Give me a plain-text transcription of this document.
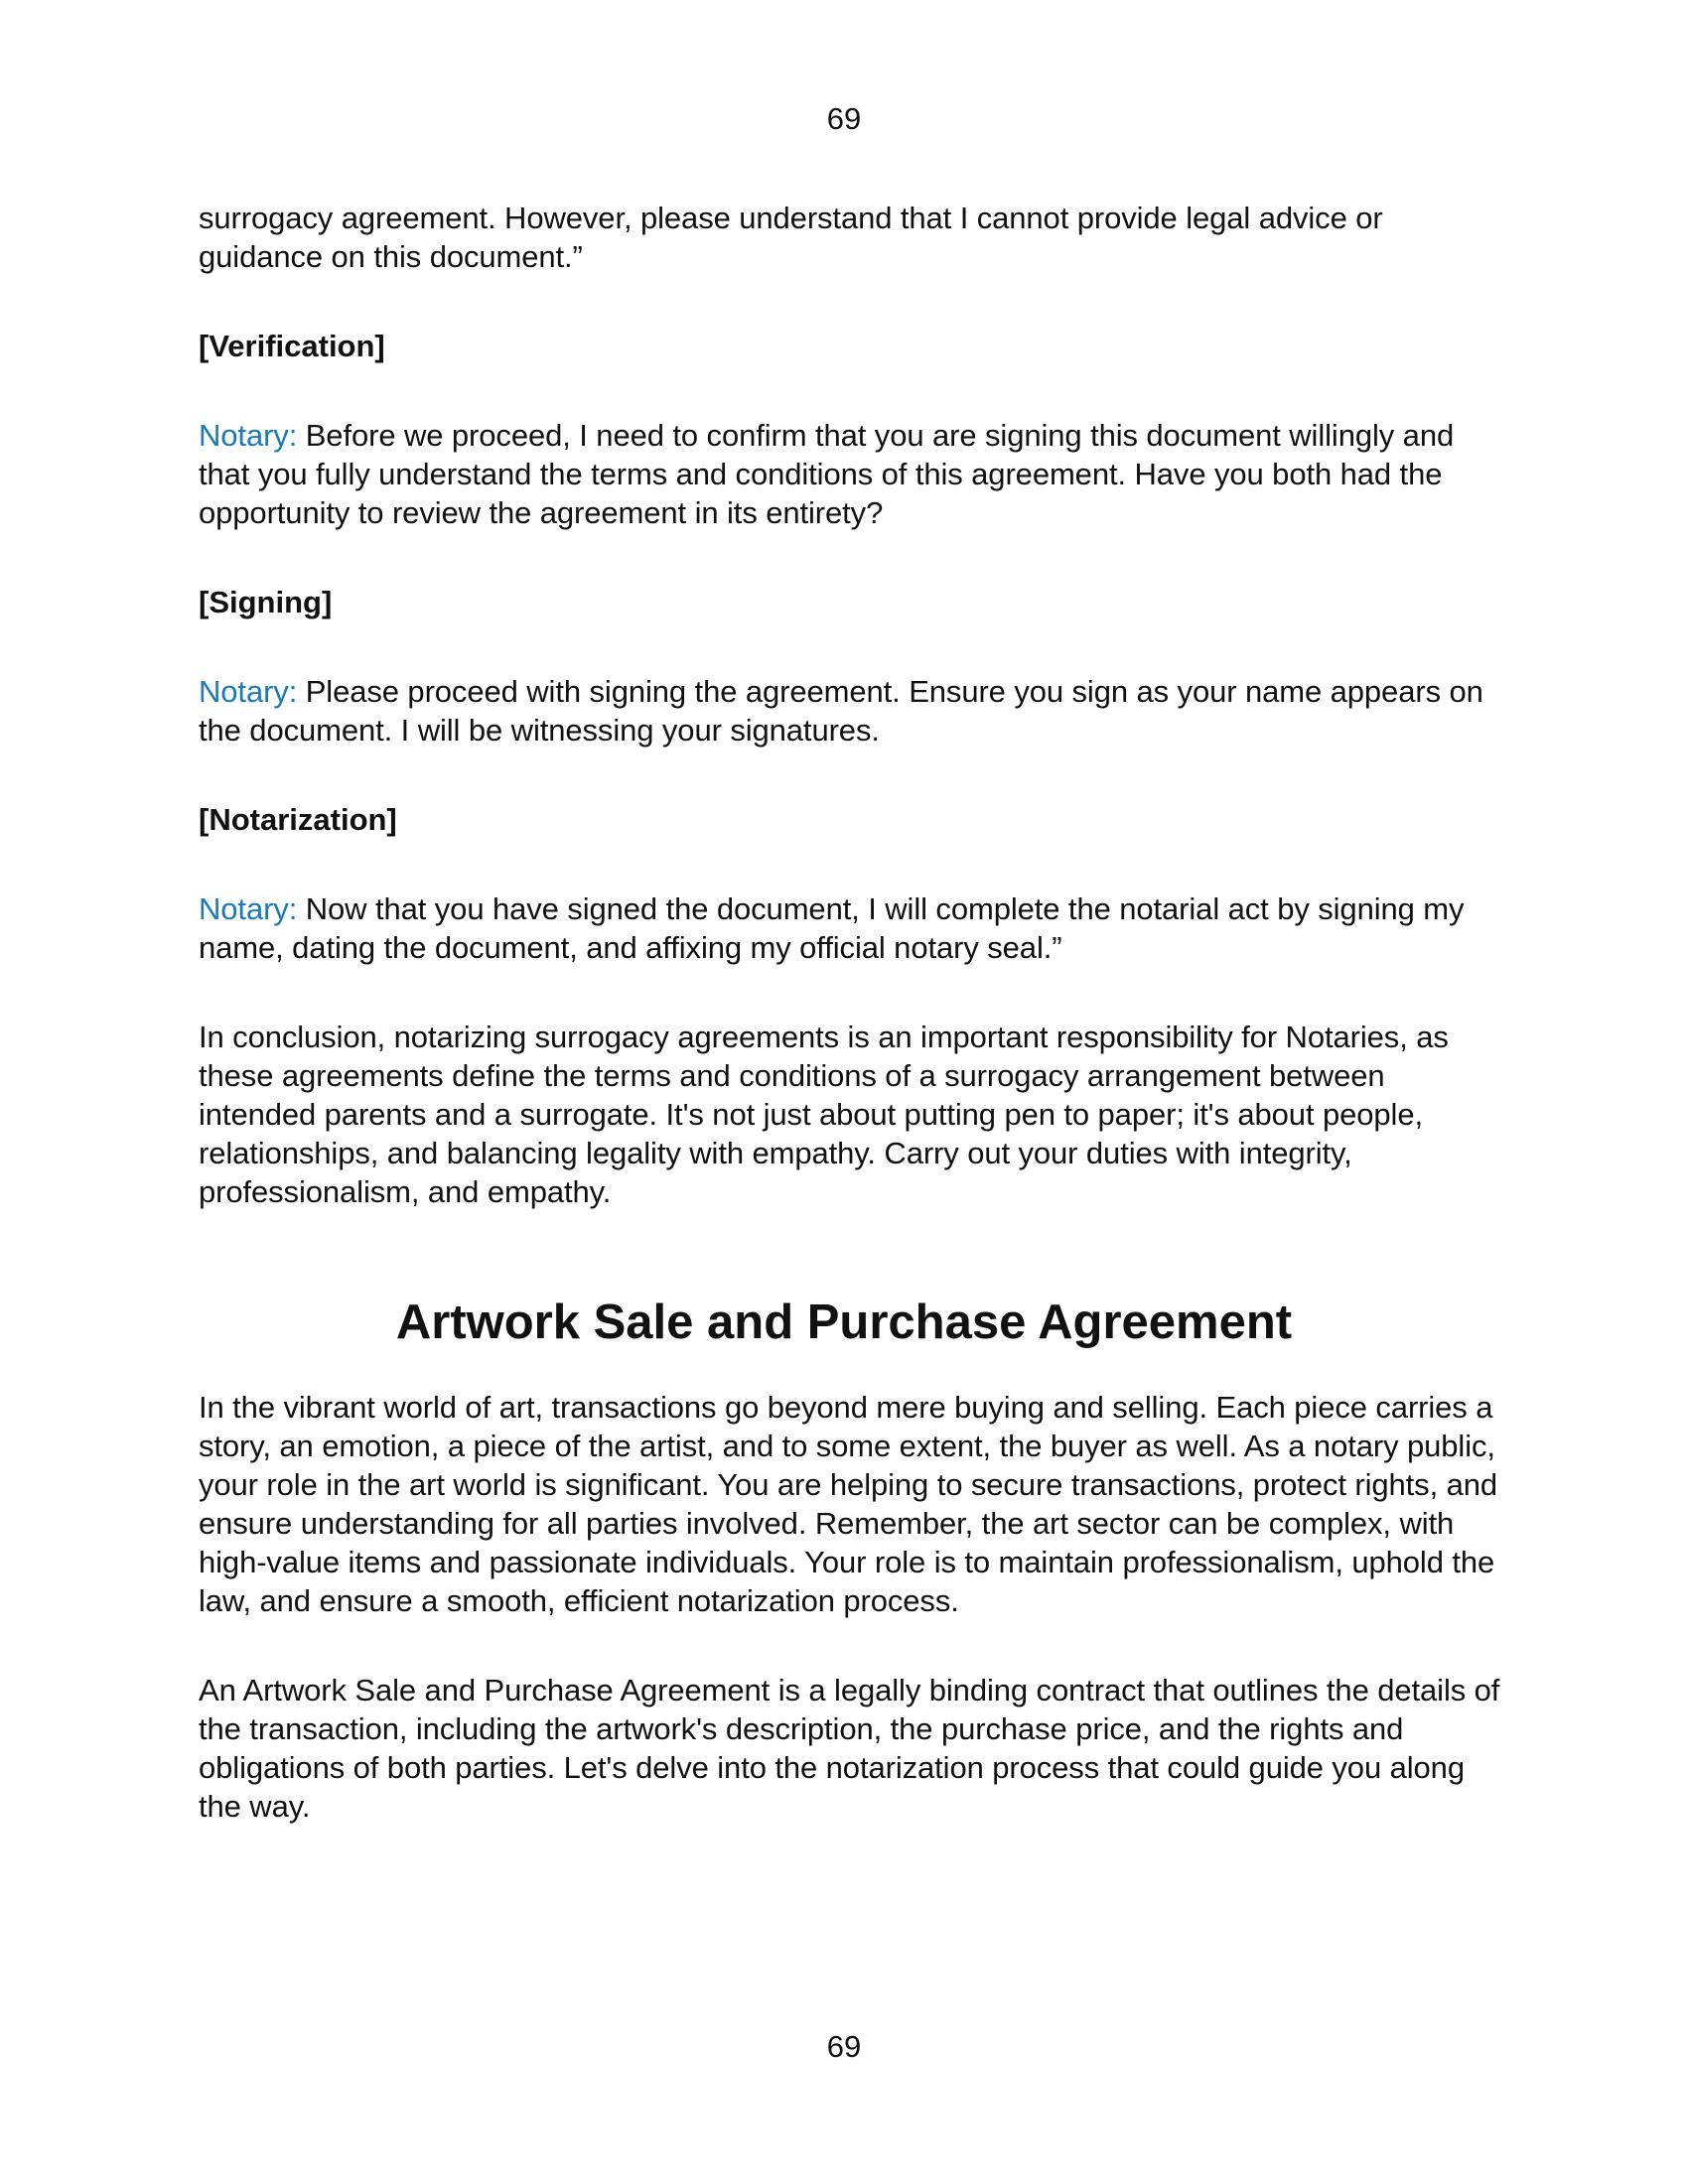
69

surrogacy agreement. However, please understand that I cannot provide legal advice or guidance on this document.”

[Verification]

Notary: Before we proceed, I need to confirm that you are signing this document willingly and that you fully understand the terms and conditions of this agreement. Have you both had the opportunity to review the agreement in its entirety?

[Signing]

Notary: Please proceed with signing the agreement. Ensure you sign as your name appears on the document. I will be witnessing your signatures.

[Notarization]

Notary: Now that you have signed the document, I will complete the notarial act by signing my name, dating the document, and affixing my official notary seal.”

In conclusion, notarizing surrogacy agreements is an important responsibility for Notaries, as these agreements define the terms and conditions of a surrogacy arrangement between intended parents and a surrogate. It's not just about putting pen to paper; it's about people, relationships, and balancing legality with empathy. Carry out your duties with integrity, professionalism, and empathy.

Artwork Sale and Purchase Agreement

In the vibrant world of art, transactions go beyond mere buying and selling. Each piece carries a story, an emotion, a piece of the artist, and to some extent, the buyer as well. As a notary public, your role in the art world is significant. You are helping to secure transactions, protect rights, and ensure understanding for all parties involved. Remember, the art sector can be complex, with high-value items and passionate individuals. Your role is to maintain professionalism, uphold the law, and ensure a smooth, efficient notarization process.

An Artwork Sale and Purchase Agreement is a legally binding contract that outlines the details of the transaction, including the artwork's description, the purchase price, and the rights and obligations of both parties. Let's delve into the notarization process that could guide you along the way.

69
